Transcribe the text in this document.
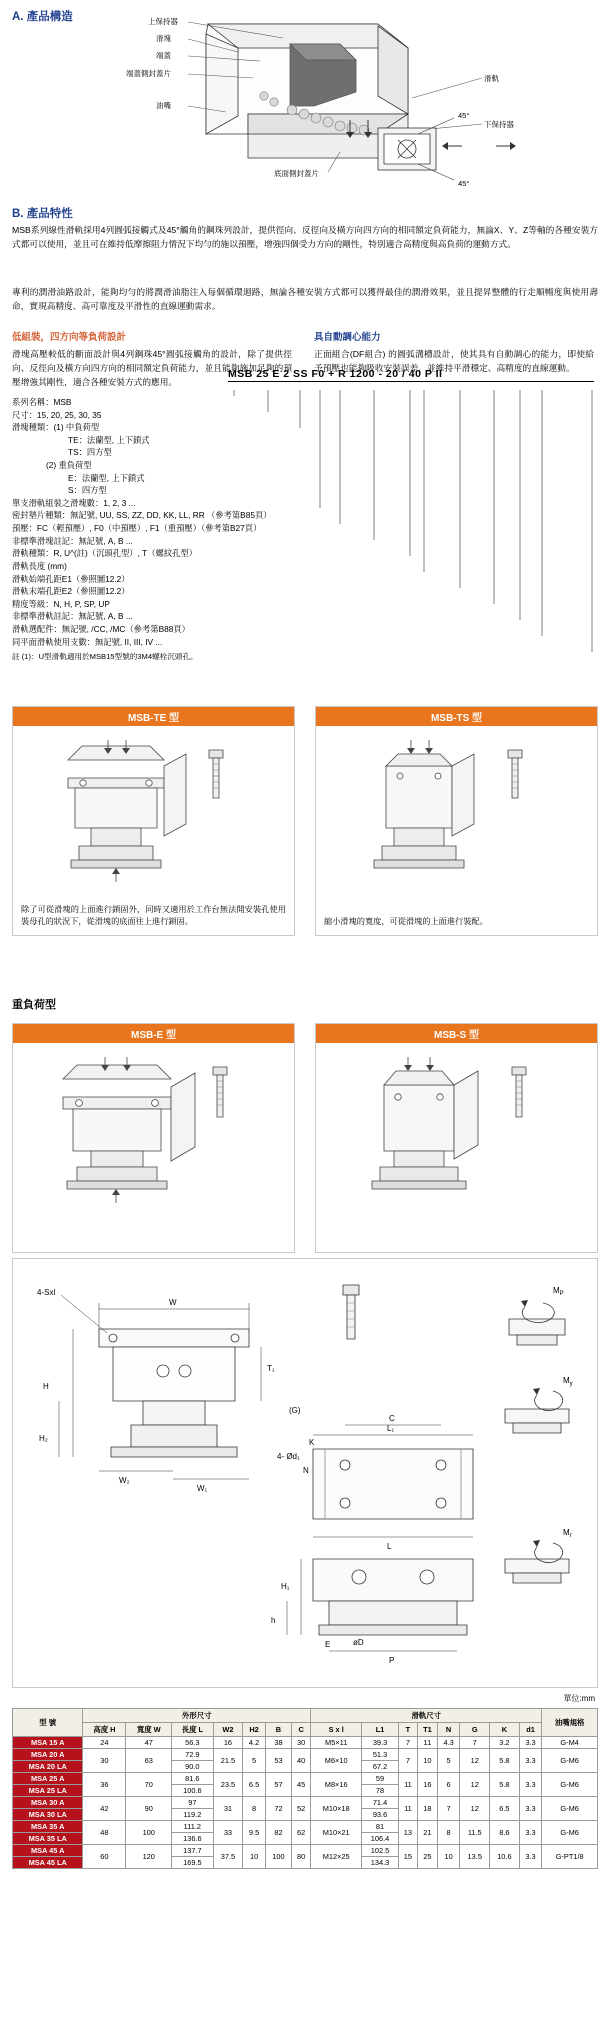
A. 產品構造	上保持器
滑塊
端蓋
端蓋側封蓋片
油嘴
滑軌
下保持器
底面側封蓋片
45°
45°
B. 產品特性
MSB系列線性滑軌採用4列圓弧接觸式及45°觸角的鋼珠列設計，提供徑向、反徑向及橫方向四方向的相同額定負荷能力，無論X、Y、Z等軸的各種安裝方式都可以使用，並且可在維持低摩擦阻力情況下均勻的施以預壓，增強四個受力方向的剛性，特別適合高精度與高負荷的運動方式。
專利的潤滑油路設計，能夠均勻的將潤滑油脂注入每個循環迴路，無論各種安裝方式都可以獲得最佳的潤滑效果，並且提昇整體的行走順暢度與使用壽命，實現高精度、高可靠度及平滑性的直線運動需求。
低組裝，四方向等負荷設計
滑塊高壓較低的斷面設計與4列鋼珠45°圓弧接觸角的設計，除了提供徑向、反徑向及橫方向四方向的相同額定負荷能力，並且能夠施加足夠的預壓增強其剛性，適合各種安裝方式的應用。
具自動調心能力
正面組合(DF組合) 的圓弧溝槽設計，使其具有自動調心的能力，即使給予預壓也能夠吸收安裝誤差，並維持平滑穩定、高精度的直線運動。
MSB 25 E 2 SS F0 + R 1200 - 20 / 40 P II
系列名稱：MSB
尺寸：15, 20, 25, 30, 35
滑塊種類：(1) 中負荷型
TE：法蘭型, 上下鎖式
TS：四方型
(2) 重負荷型
E：法蘭型, 上下鎖式
S：四方型
單支滑軌組裝之滑塊數：1, 2, 3 ...
密封墊片種類：無記號, UU, SS, ZZ, DD, KK, LL, RR （參考第B85頁）
預壓：FC（輕預壓）, F0（中預壓）, F1（重預壓）（參考第B27頁）
非標準滑塊註記：無記號, A, B ...
滑軌種類：R, U^(註)（沉頭孔型）, T（螺紋孔型）
滑軌長度 (mm)
滑軌始端孔距E1（參照圖12.2）
滑軌末端孔距E2（參照圖12.2）
精度等級：N, H, P, SP, UP
非標準滑軌註記：無記號, A, B ...
滑軌選配件：無記號, /CC, /MC（參考第B88頁）
同平面滑軌使用支數：無記號, II, III, IV ...
註 (1)：U型滑軌適用於MSB15型號的3M4螺栓沉頭孔。
MSB-TE 型
除了可從滑塊的上面進行鎖固外，同時又適用於工作台無法開安裝孔使用裝母孔的狀況下，從滑塊的底面往上進行鎖固。
MSB-TS 型
縮小滑塊的寬度，可從滑塊的上面進行裝配。
重負荷型
MSB-E 型	MSB-S 型
W
H
H₂
T₁
W₂
W₁
4-Sxl
L₁
C
L
H₁
h
P
E	øD
K
(G)
4- Ød₁
N
$M_P$
$M_y$
$M_r$
單位:mm
型 號	外形尺寸							滑軌尺寸								油嘴規格
	高度 H	寬度 W	長度 L	W2	H2	B	C	S x l	L1	T	T1	N	G	K	d1	
MSA 15 A	24	47	56.3	16	4.2	38	30	M5×11	39.3	7	11	4.3	7	3.2	3.3	G-M4
MSA 20 A	30	63	72.9	21.5	5	53	40	M6×10	51.3	7	10	5	12	5.8	3.3	G-M6
MSA 20 LA			90.0						67.2							
MSA 25 A	36	70	81.6	23.5	6.5	57	45	M8×16	59	11	16	6	12	5.8	3.3	G-M6
MSA 25 LA			100.6						78							
MSA 30 A	42	90	97	31	8	72	52	M10×18	71.4	11	18	7	12	6.5	3.3	G-M6
MSA 30 LA			119.2						93.6							
MSA 35 A	48	100	111.2	33	9.5	82	62	M10×21	81	13	21	8	11.5	8.6	3.3	G-M6
MSA 35 LA			136.6						106.4							
MSA 45 A	60	120	137.7	37.5	10	100	80	M12×25	102.5	15	25	10	13.5	10.6	3.3	G-PT1/8
MSA 45 LA			169.5						134.3							
